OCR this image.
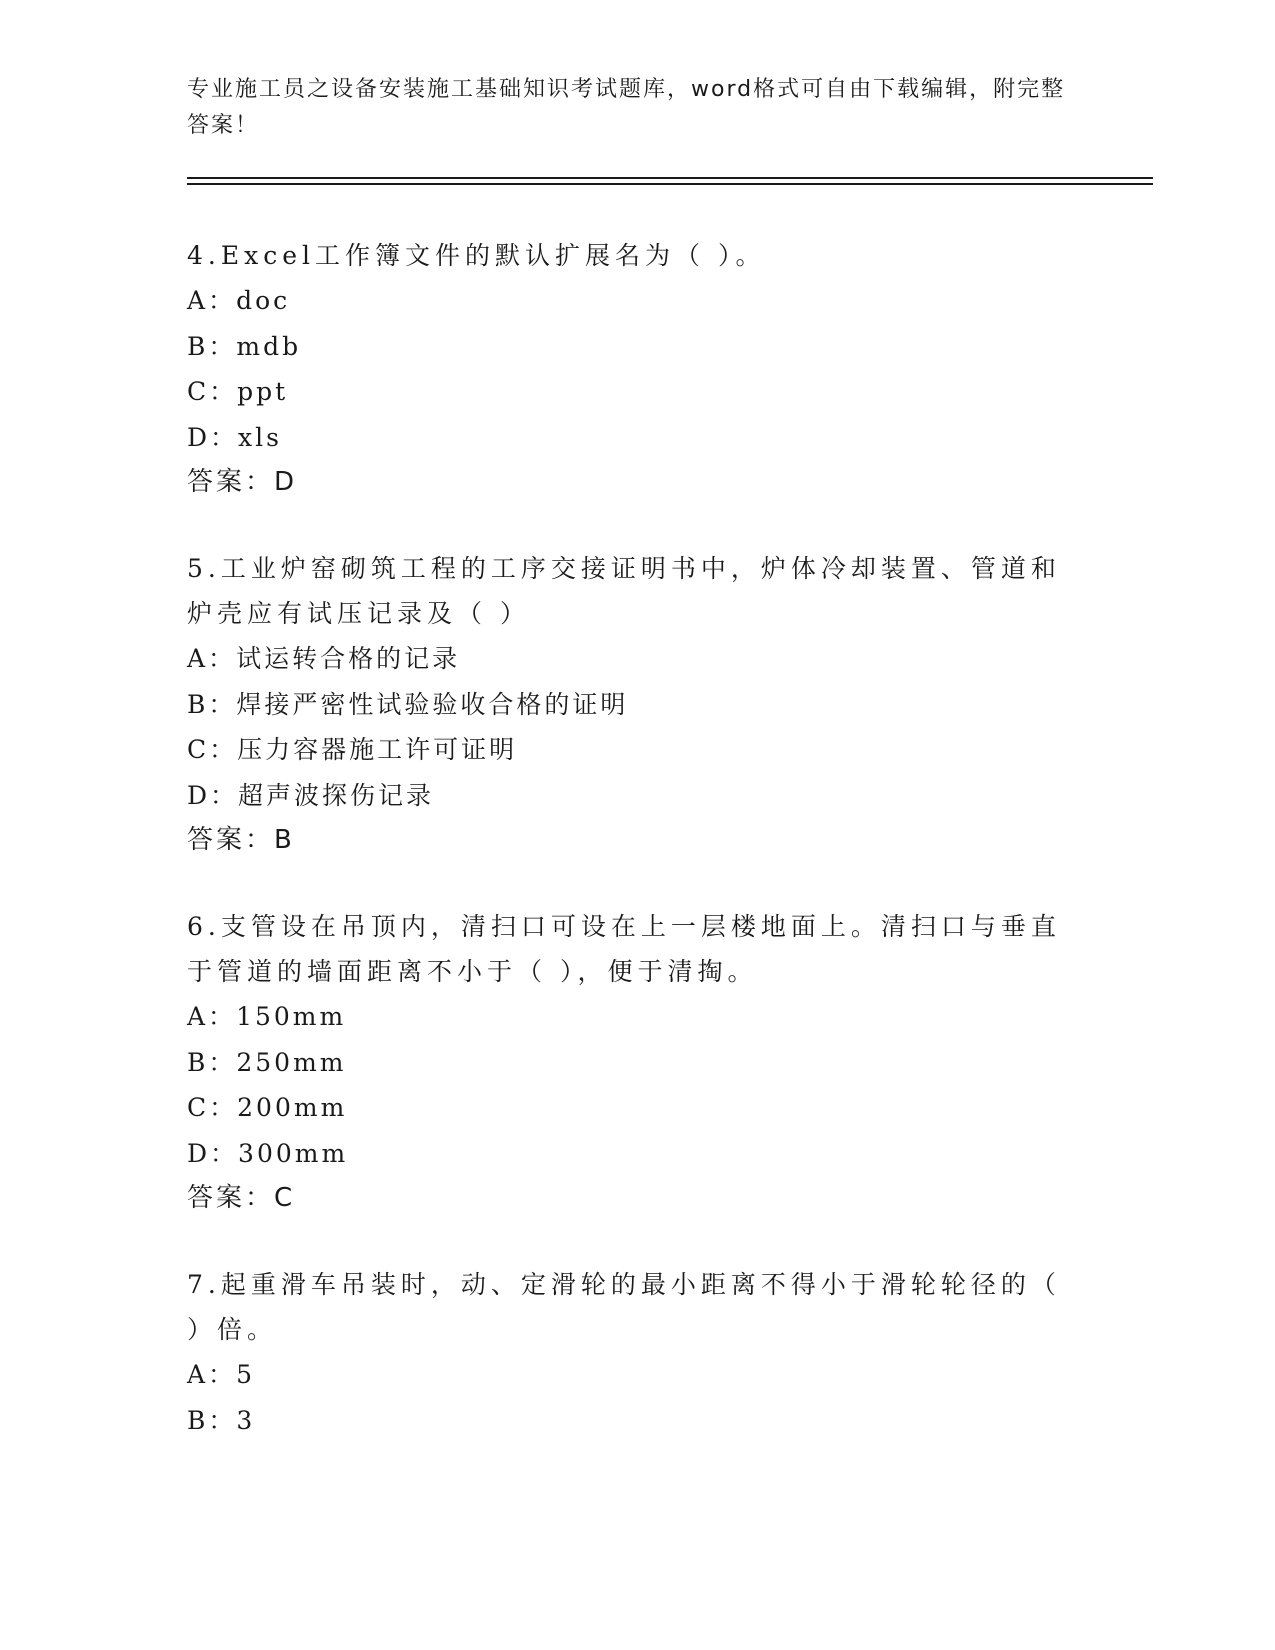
专业施工员之设备安装施工基础知识考试题库，word格式可自由下载编辑，附完整答案！

4.Excel工作簿文件的默认扩展名为（ ）。

A：doc

B：mdb

C：ppt

D：xls

答案：D

5.工业炉窑砌筑工程的工序交接证明书中，炉体冷却装置、管道和炉壳应有试压记录及（ ）

A：试运转合格的记录

B：焊接严密性试验验收合格的证明

C：压力容器施工许可证明

D：超声波探伤记录

答案：B

6.支管设在吊顶内，清扫口可设在上一层楼地面上。清扫口与垂直于管道的墙面距离不小于（ ），便于清掏。

A：150mm

B：250mm

C：200mm

D：300mm

答案：C

7.起重滑车吊装时，动、定滑轮的最小距离不得小于滑轮轮径的（ ）倍。

A：5

B：3
